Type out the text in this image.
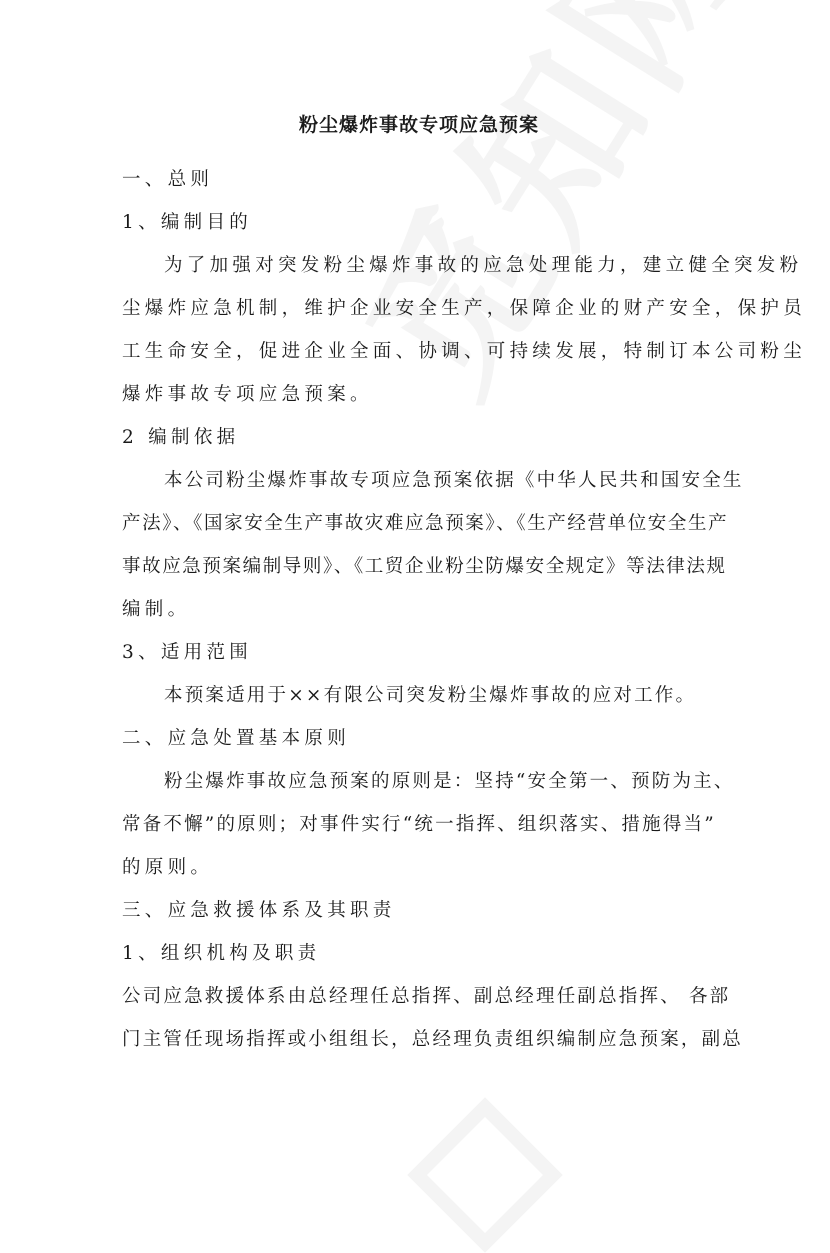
粉尘爆炸事故专项应急预案
一、总则
1、编制目的
为了加强对突发粉尘爆炸事故的应急处理能力，建立健全突发粉
尘爆炸应急机制，维护企业安全生产，保障企业的财产安全，保护员
工生命安全，促进企业全面、协调、可持续发展，特制订本公司粉尘
爆炸事故专项应急预案。
2 编制依据
本公司粉尘爆炸事故专项应急预案依据《中华人民共和国安全生
产法》、《国家安全生产事故灾难应急预案》、《生产经营单位安全生产
事故应急预案编制导则》、《工贸企业粉尘防爆安全规定》等法律法规
编制。
3、适用范围
本预案适用于××有限公司突发粉尘爆炸事故的应对工作。
二、应急处置基本原则
粉尘爆炸事故应急预案的原则是：坚持“安全第一、预防为主、
常备不懈”的原则；对事件实行“统一指挥、组织落实、措施得当”
的原则。
三、应急救援体系及其职责
1、组织机构及职责
公司应急救援体系由总经理任总指挥、副总经理任副总指挥、 各部
门主管任现场指挥或小组组长，总经理负责组织编制应急预案，副总
